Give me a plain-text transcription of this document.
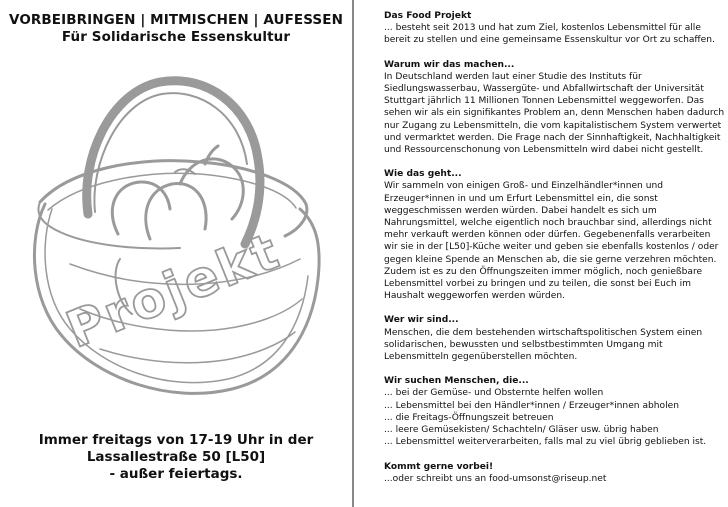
VORBEIBRINGEN | MITMISCHEN | AUFESSEN
Für Solidarische Essenskultur
Projekt
Immer freitags von 17-19 Uhr in der
Lassallestraße 50 [L50]
- außer feiertags.
Das Food Projekt

... besteht seit 2013 und hat zum Ziel, kostenlos Lebensmittel für alle bereit zu stellen und eine gemeinsame Essenskultur vor Ort zu schaffen.

Warum wir das machen...

In Deutschland werden laut einer Studie des Instituts für Siedlungswasserbau, Wassergüte- und Abfallwirtschaft der Universität Stuttgart jährlich 11 Millionen Tonnen Lebensmittel weggeworfen. Das sehen wir als ein signifikantes Problem an, denn Menschen haben dadurch nur Zugang zu Lebensmitteln, die vom kapitalistischem System verwertet und vermarktet werden. Die Frage nach der Sinnhaftigkeit, Nachhaltigkeit und Ressourcenschonung von Lebensmitteln wird dabei nicht gestellt.

Wie das geht...

Wir sammeln von einigen Groß- und Einzelhändler*innen und Erzeuger*innen in und um Erfurt Lebensmittel ein, die sonst weggeschmissen werden würden. Dabei handelt es sich um Nahrungsmittel, welche eigentlich noch brauchbar sind, allerdings nicht mehr verkauft werden können oder dürfen. Gegebenenfalls verarbeiten wir sie in der [L50]-Küche weiter und geben sie ebenfalls kostenlos / oder gegen kleine Spende an Menschen ab, die sie gerne verzehren möchten. Zudem ist es zu den Öffnungszeiten immer möglich, noch genießbare Lebensmittel vorbei zu bringen und zu teilen, die sonst bei Euch im Haushalt weggeworfen werden würden.

Wer wir sind...

Menschen, die dem bestehenden wirtschaftspolitischen System einen solidarischen, bewussten und selbstbestimmten Umgang mit Lebensmitteln gegenüberstellen möchten.

Wir suchen Menschen, die...
... bei der Gemüse- und Obsternte helfen wollen
... Lebensmittel bei den Händler*innen / Erzeuger*innen abholen
... die Freitags-Öffnungszeit betreuen
... leere Gemüsekisten/ Schachteln/ Gläser usw. übrig haben
... Lebensmittel weiterverarbeiten, falls mal zu viel übrig geblieben ist.
Kommt gerne vorbei!

...oder schreibt uns an food-umsonst@riseup.net
